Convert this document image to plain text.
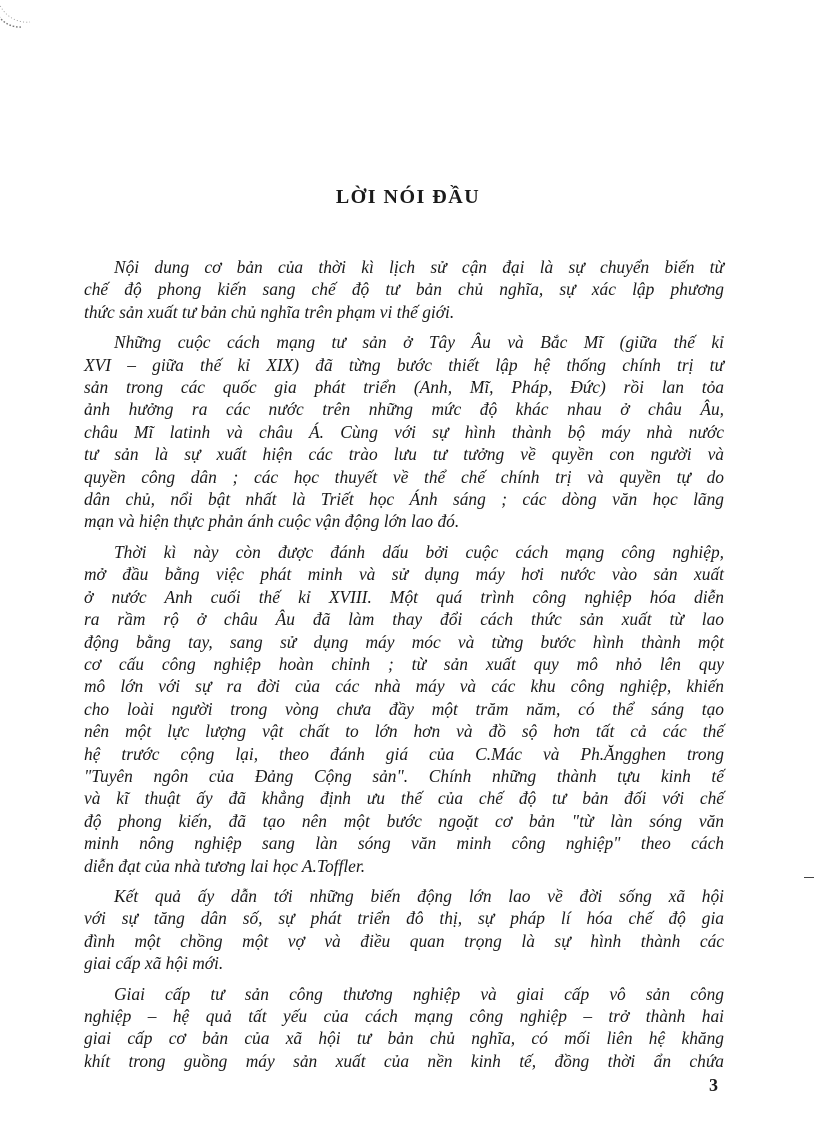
LỜI NÓI ĐẦU
Nội dung cơ bản của thời kì lịch sử cận đại là sự chuyển biến từ
chế độ phong kiến sang chế độ tư bản chủ nghĩa, sự xác lập phương
thức sản xuất tư bản chủ nghĩa trên phạm vi thế giới.
Những cuộc cách mạng tư sản ở Tây Âu và Bắc Mĩ (giữa thế kỉ
XVI – giữa thế kỉ XIX) đã từng bước thiết lập hệ thống chính trị tư
sản trong các quốc gia phát triển (Anh, Mĩ, Pháp, Đức) rồi lan tỏa
ảnh hưởng ra các nước trên những mức độ khác nhau ở châu Âu,
châu Mĩ latinh và châu Á. Cùng với sự hình thành bộ máy nhà nước
tư sản là sự xuất hiện các trào lưu tư tưởng về quyền con người và
quyền công dân ; các học thuyết về thể chế chính trị và quyền tự do
dân chủ, nổi bật nhất là Triết học Ánh sáng ; các dòng văn học lãng
mạn và hiện thực phản ánh cuộc vận động lớn lao đó.
Thời kì này còn được đánh dấu bởi cuộc cách mạng công nghiệp,
mở đầu bằng việc phát minh và sử dụng máy hơi nước vào sản xuất
ở nước Anh cuối thế kỉ XVIII. Một quá trình công nghiệp hóa diễn
ra rầm rộ ở châu Âu đã làm thay đổi cách thức sản xuất từ lao
động bằng tay, sang sử dụng máy móc và từng bước hình thành một
cơ cấu công nghiệp hoàn chỉnh ; từ sản xuất quy mô nhỏ lên quy
mô lớn với sự ra đời của các nhà máy và các khu công nghiệp, khiến
cho loài người trong vòng chưa đầy một trăm năm, có thể sáng tạo
nên một lực lượng vật chất to lớn hơn và đồ sộ hơn tất cả các thế
hệ trước cộng lại, theo đánh giá của C.Mác và Ph.Ăngghen trong
"Tuyên ngôn của Đảng Cộng sản". Chính những thành tựu kinh tế
và kĩ thuật ấy đã khẳng định ưu thế của chế độ tư bản đối với chế
độ phong kiến, đã tạo nên một bước ngoặt cơ bản "từ làn sóng văn
minh nông nghiệp sang làn sóng văn minh công nghiệp" theo cách
diễn đạt của nhà tương lai học A.Toffler.
Kết quả ấy dẫn tới những biến động lớn lao về đời sống xã hội
với sự tăng dân số, sự phát triển đô thị, sự pháp lí hóa chế độ gia
đình một chồng một vợ và điều quan trọng là sự hình thành các
giai cấp xã hội mới.
Giai cấp tư sản công thương nghiệp và giai cấp vô sản công
nghiệp – hệ quả tất yếu của cách mạng công nghiệp – trở thành hai
giai cấp cơ bản của xã hội tư bản chủ nghĩa, có mối liên hệ khăng
khít trong guồng máy sản xuất của nền kinh tế, đồng thời ẩn chứa

3
